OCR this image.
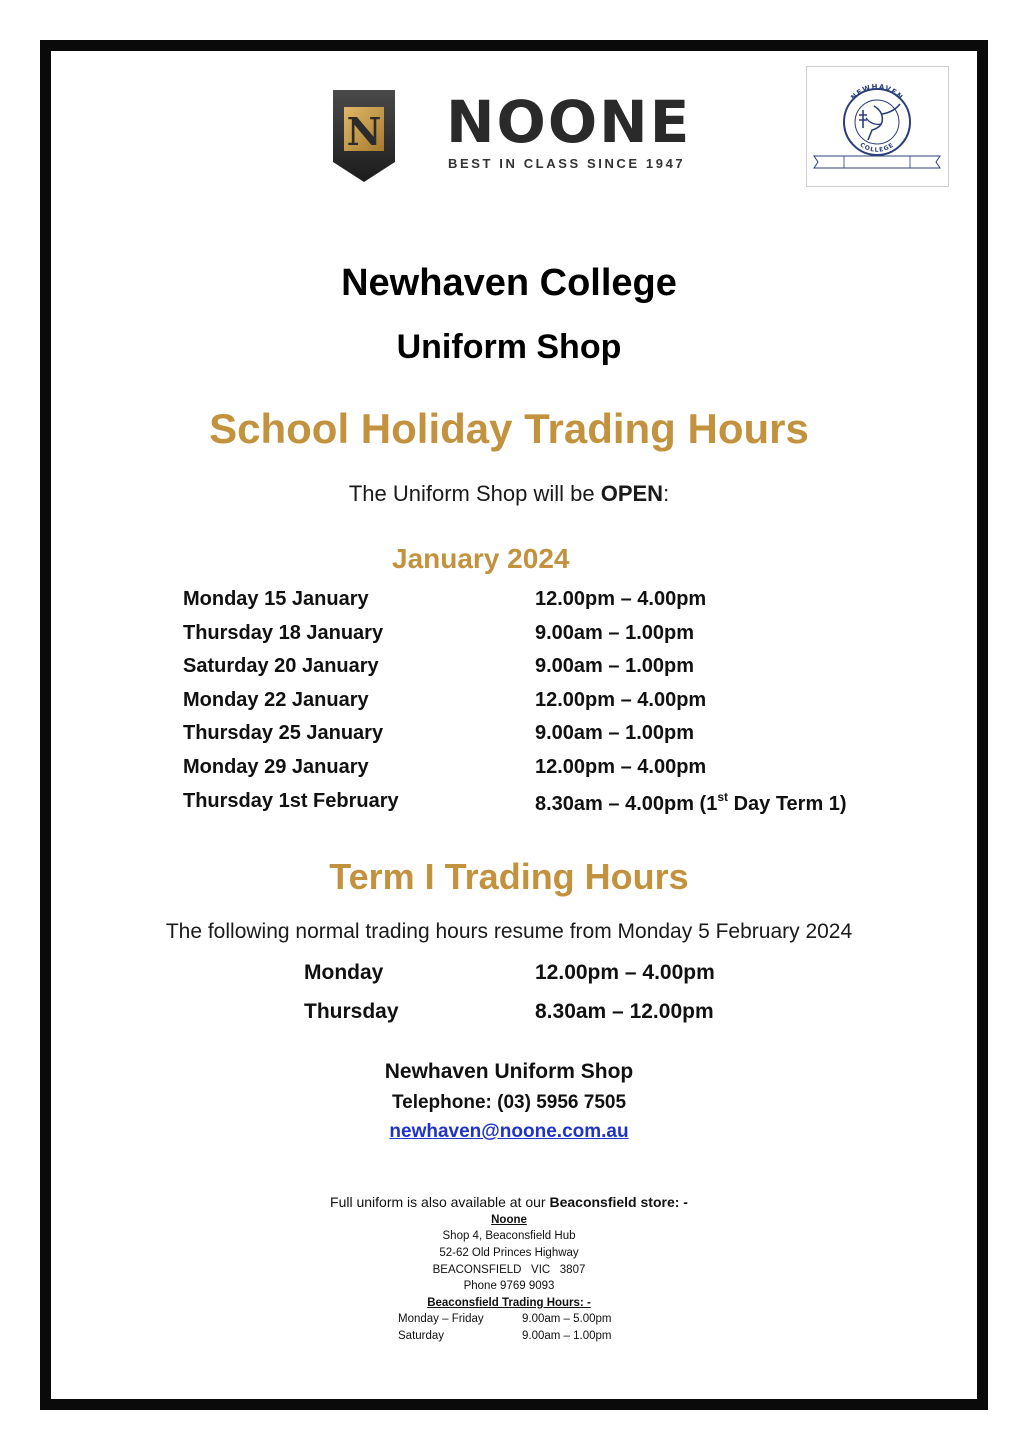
N NOONE
BEST IN CLASS SINCE 1947
NEWHAVEN
COLLEGE
Newhaven College
Uniform Shop
School Holiday Trading Hours
The Uniform Shop will be OPEN:
January 2024
Monday 15 January	12.00pm – 4.00pm
Thursday 18 January	9.00am – 1.00pm
Saturday 20 January	9.00am – 1.00pm
Monday 22 January	12.00pm – 4.00pm
Thursday 25 January	9.00am – 1.00pm
Monday 29 January	12.00pm – 4.00pm
Thursday 1st February	8.30am – 4.00pm (1st Day Term 1)
Term I Trading Hours
The following normal trading hours resume from Monday 5 February 2024
Monday	12.00pm – 4.00pm
Thursday	8.30am – 12.00pm
Newhaven Uniform Shop
Telephone: (03) 5956 7505
newhaven@noone.com.au
Full uniform is also available at our Beaconsfield store: -
Noone
Shop 4, Beaconsfield Hub
52-62 Old Princes Highway
BEACONSFIELD   VIC   3807
Phone 9769 9093
Beaconsfield Trading Hours: -
Monday – Friday	9.00am – 5.00pm
Saturday	9.00am – 1.00pm
